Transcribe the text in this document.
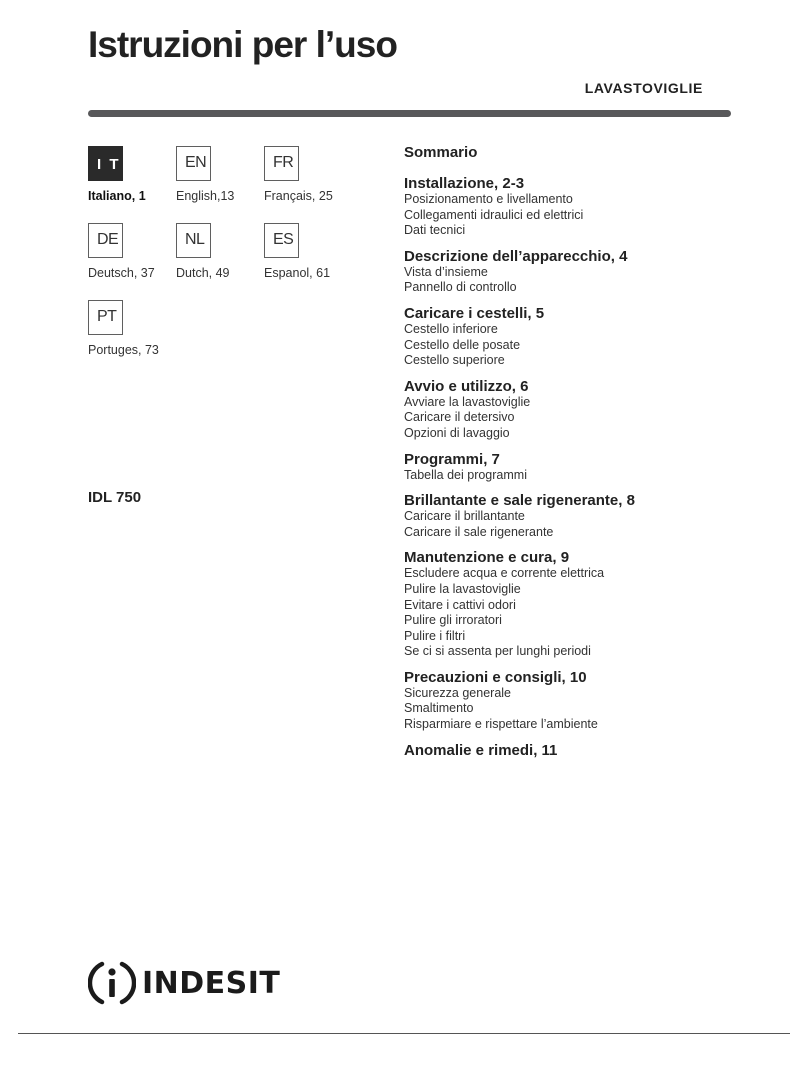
Istruzioni per l’uso
LAVASTOVIGLIE
I T
Italiano, 1
EN
English,13
FR
Français, 25
DE
Deutsch, 37
NL
Dutch, 49
ES
Espanol, 61
PT
Portuges, 73
IDL 750
Sommario
Installazione, 2-3
Posizionamento e livellamento
Collegamenti idraulici ed elettrici
Dati tecnici
Descrizione dell’apparecchio, 4
Vista d’insieme
Pannello di controllo
Caricare i cestelli, 5
Cestello inferiore
Cestello delle posate
Cestello superiore
Avvio e utilizzo, 6
Avviare la lavastoviglie
Caricare il detersivo
Opzioni di lavaggio
Programmi, 7
Tabella dei programmi
Brillantante e sale rigenerante, 8
Caricare il brillantante
Caricare il sale rigenerante
Manutenzione e cura, 9
Escludere acqua e corrente elettrica
Pulire la lavastoviglie
Evitare i cattivi odori
Pulire gli irroratori
Pulire i filtri
Se ci si assenta per lunghi periodi
Precauzioni e consigli, 10
Sicurezza generale
Smaltimento
Risparmiare e rispettare l’ambiente
Anomalie e rimedi, 11
INDESIT
